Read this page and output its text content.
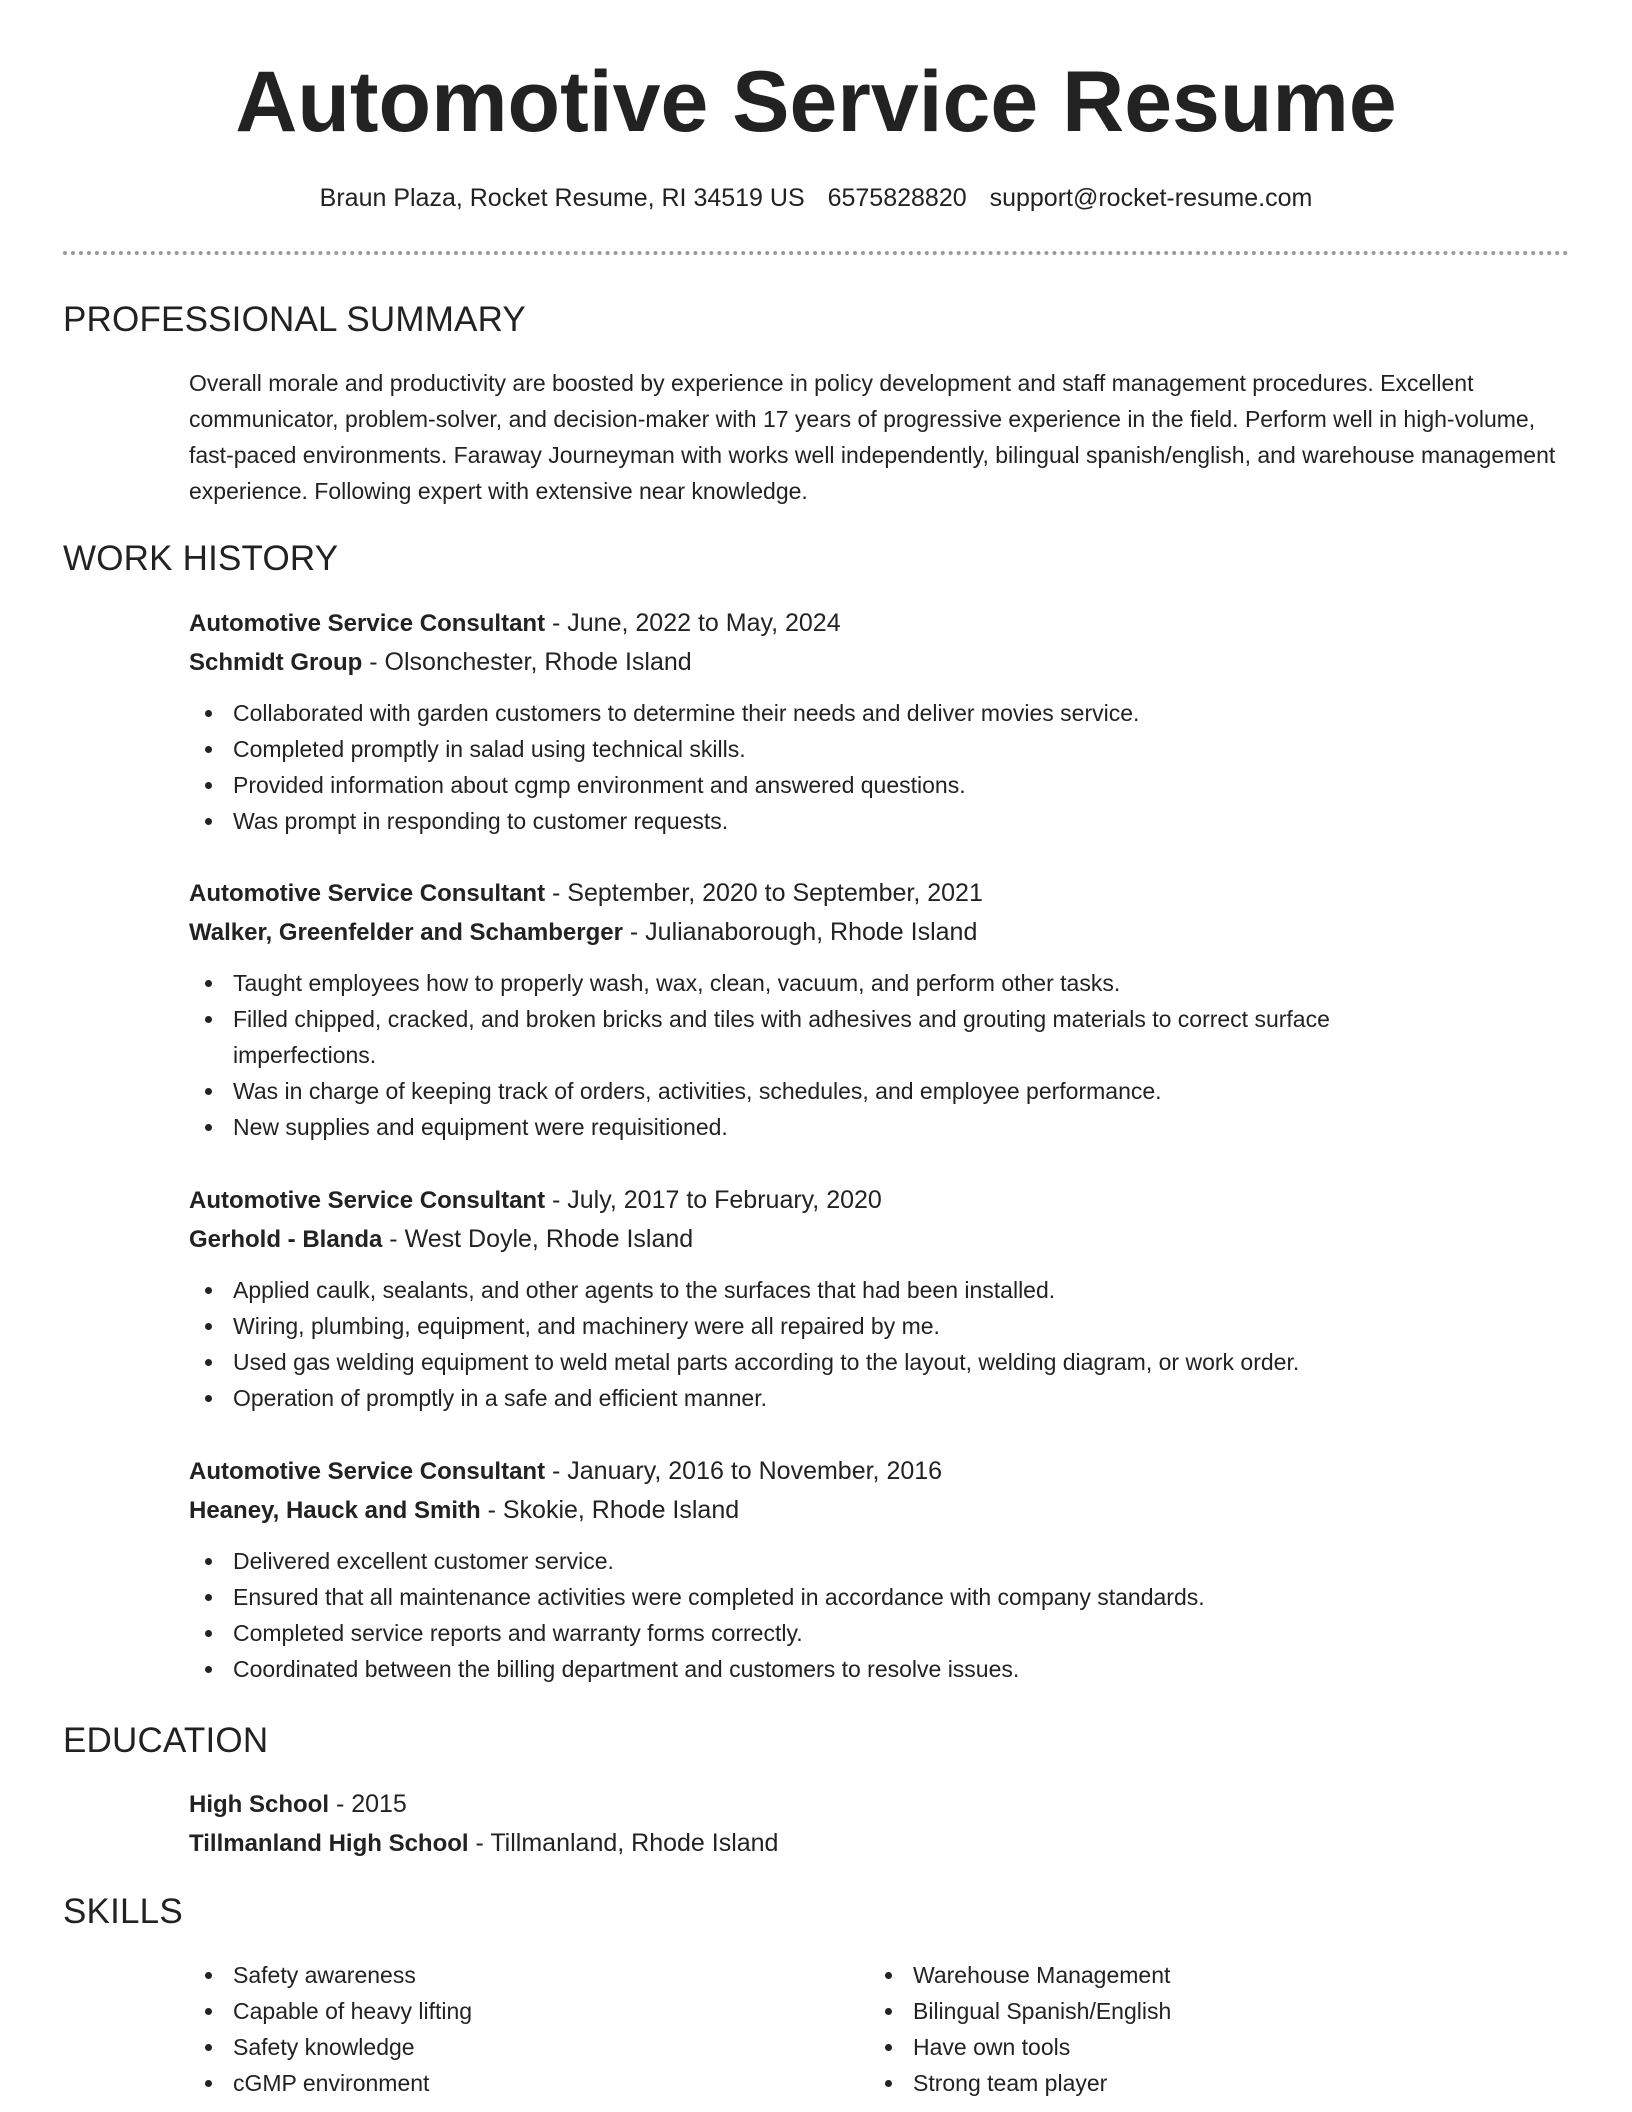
Automotive Service Resume
Braun Plaza, Rocket Resume, RI 34519 US 6575828820 support@rocket-resume.com
PROFESSIONAL SUMMARY

Overall morale and productivity are boosted by experience in policy development and staff management procedures. Excellent communicator, problem-solver, and decision-maker with 17 years of progressive experience in the field. Perform well in high-volume, fast-paced environments. Faraway Journeyman with works well independently, bilingual spanish/english, and warehouse management experience. Following expert with extensive near knowledge.

WORK HISTORY

Automotive Service Consultant - June, 2022 to May, 2024

Schmidt Group - Olsonchester, Rhode Island

Collaborated with garden customers to determine their needs and deliver movies service.
Completed promptly in salad using technical skills.
Provided information about cgmp environment and answered questions.
Was prompt in responding to customer requests.

Automotive Service Consultant - September, 2020 to September, 2021

Walker, Greenfelder and Schamberger - Julianaborough, Rhode Island

Taught employees how to properly wash, wax, clean, vacuum, and perform other tasks.
Filled chipped, cracked, and broken bricks and tiles with adhesives and grouting materials to correct surface imperfections.
Was in charge of keeping track of orders, activities, schedules, and employee performance.
New supplies and equipment were requisitioned.

Automotive Service Consultant - July, 2017 to February, 2020

Gerhold - Blanda - West Doyle, Rhode Island

Applied caulk, sealants, and other agents to the surfaces that had been installed.
Wiring, plumbing, equipment, and machinery were all repaired by me.
Used gas welding equipment to weld metal parts according to the layout, welding diagram, or work order.
Operation of promptly in a safe and efficient manner.

Automotive Service Consultant - January, 2016 to November, 2016

Heaney, Hauck and Smith - Skokie, Rhode Island

Delivered excellent customer service.
Ensured that all maintenance activities were completed in accordance with company standards.
Completed service reports and warranty forms correctly.
Coordinated between the billing department and customers to resolve issues.
EDUCATION

High School - 2015

Tillmanland High School - Tillmanland, Rhode Island

SKILLS
Safety awareness
Capable of heavy lifting
Safety knowledge
cGMP environment
Warehouse Management
Bilingual Spanish/English
Have own tools
Strong team player
